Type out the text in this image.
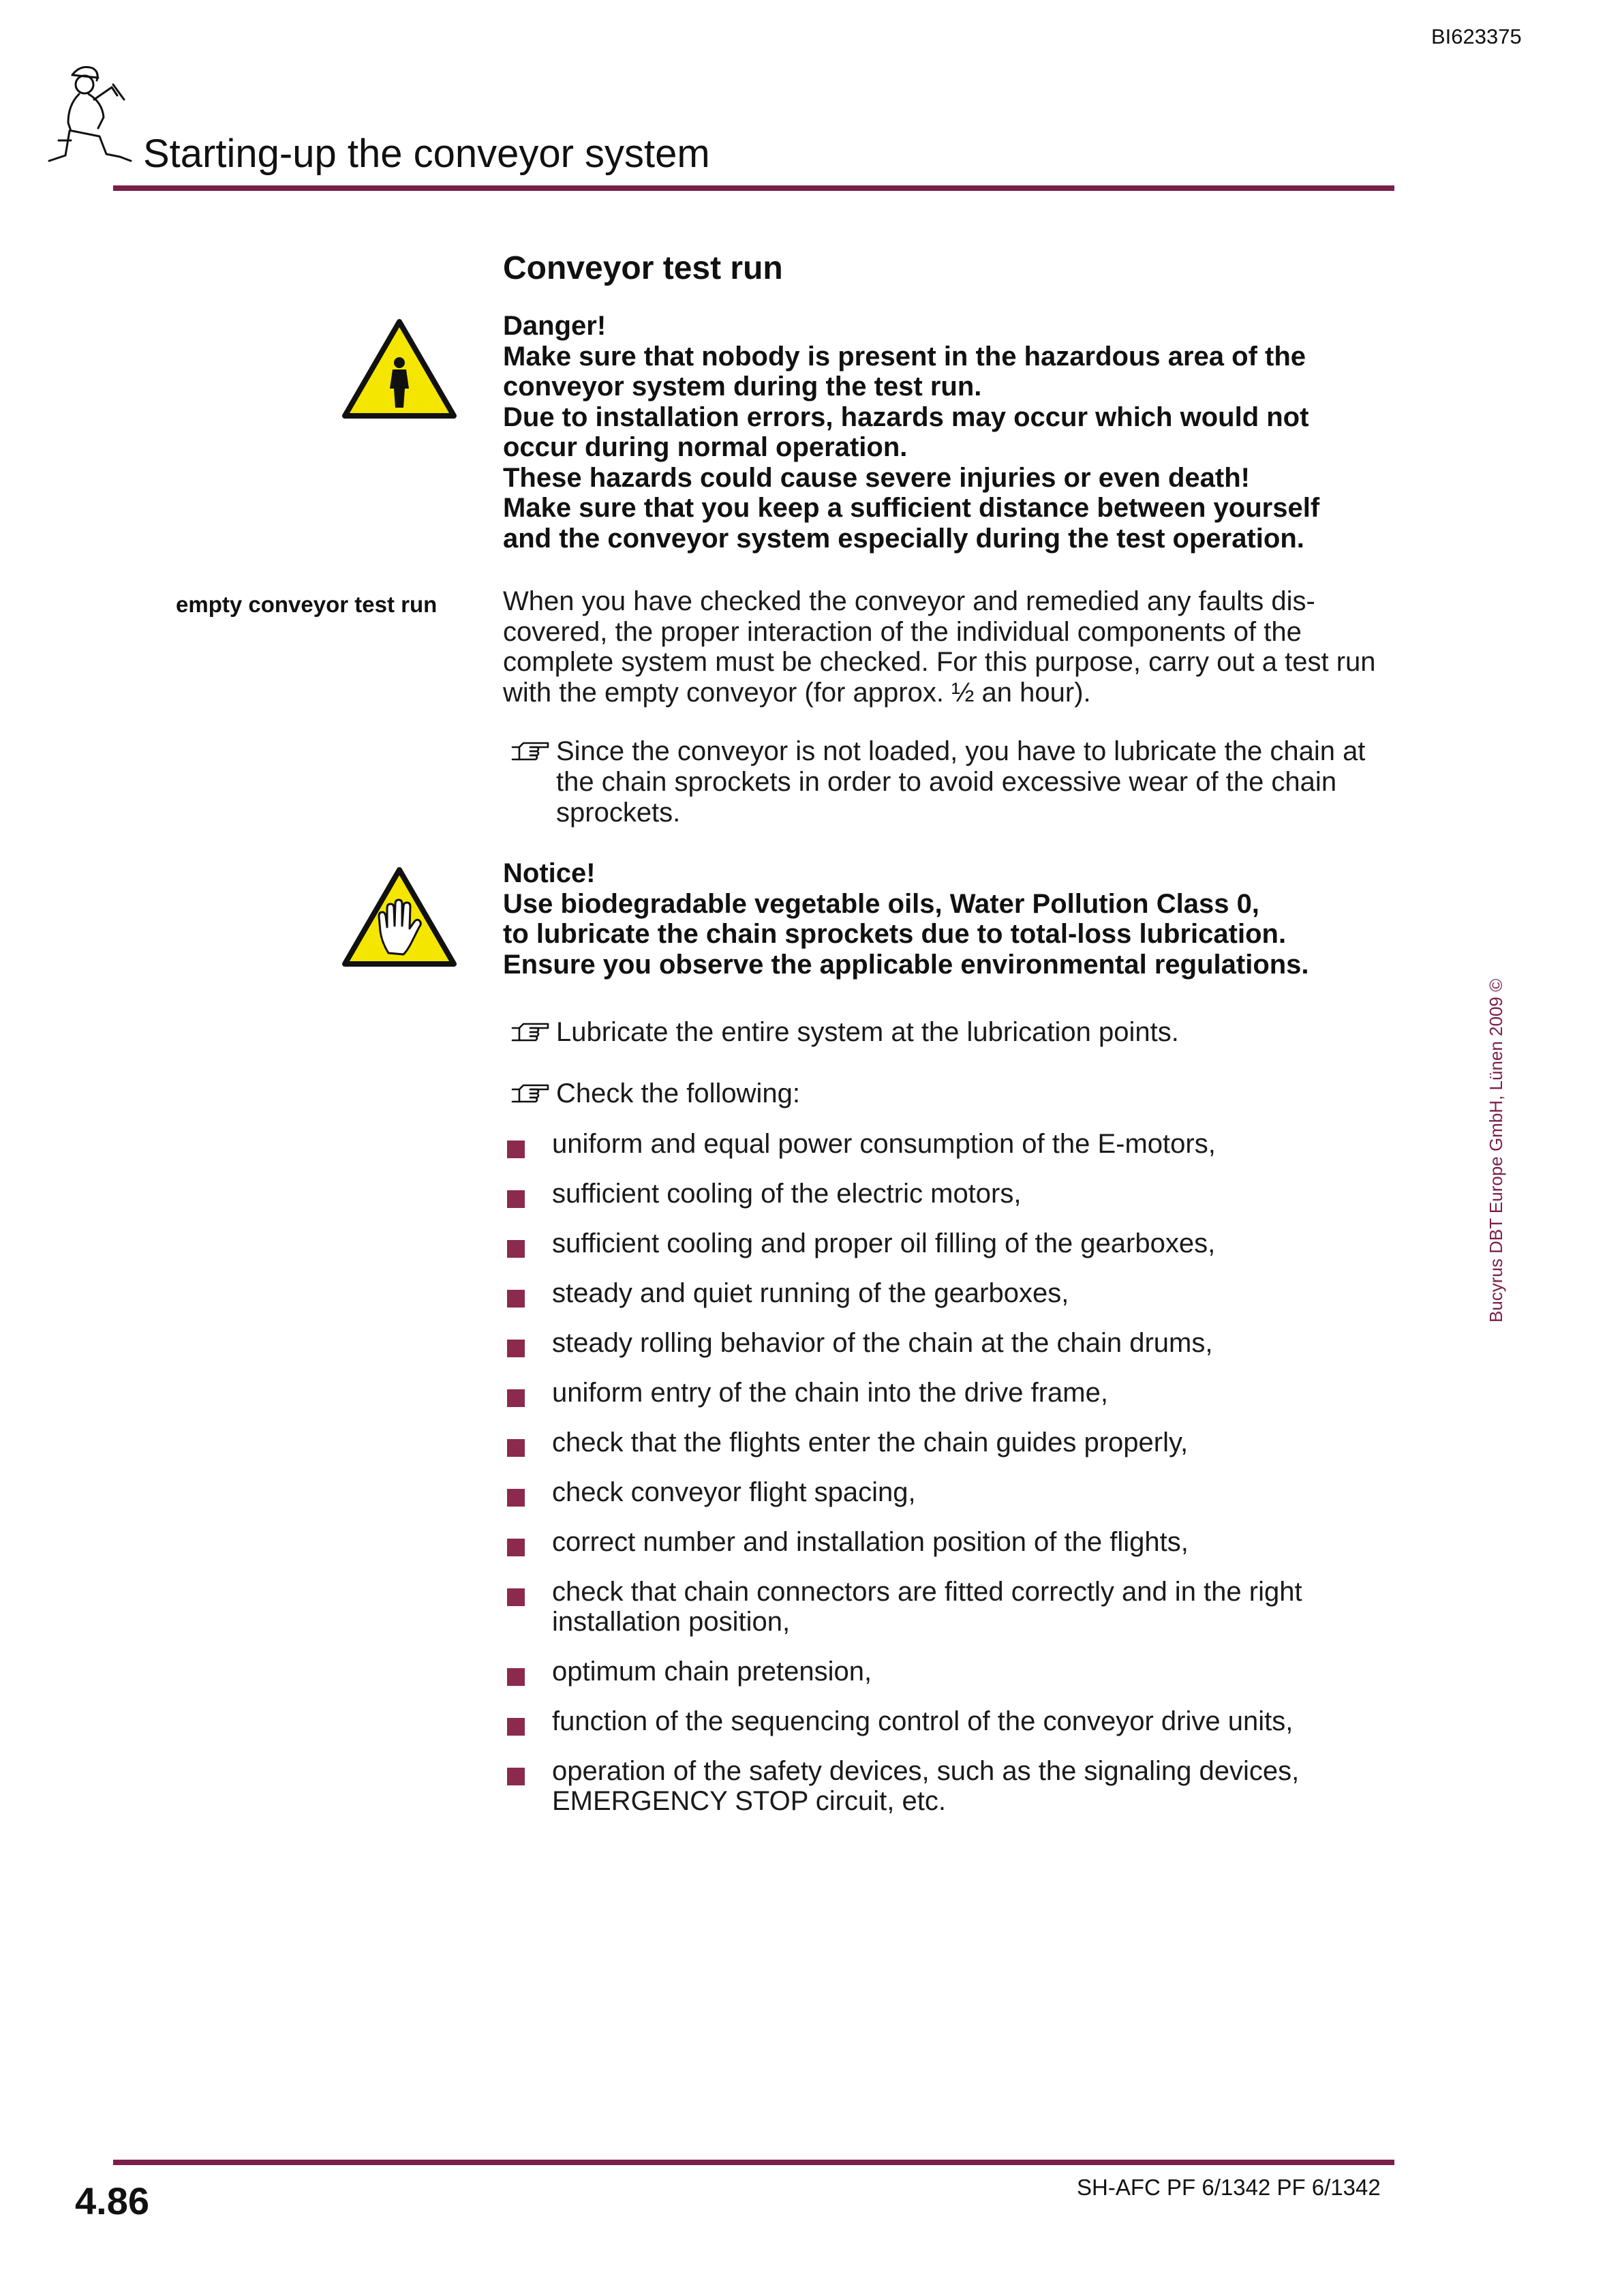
BI623375
Starting-up the conveyor system
Conveyor test run
Danger!
Make sure that nobody is present in the hazardous area of the
conveyor system during the test run.
Due to installation errors, hazards may occur which would not
occur during normal operation.
These hazards could cause severe injuries or even death!
Make sure that you keep a sufficient distance between yourself
and the conveyor system especially during the test operation.
empty conveyor test run When you have checked the conveyor and remedied any faults dis-covered, the proper interaction of the individual components of the complete system must be checked. For this purpose, carry out a test run with the empty conveyor (for approx. ½ an hour).
Since the conveyor is not loaded, you have to lubricate the chain at the chain sprockets in order to avoid excessive wear of the chain sprockets.
Notice!
Use biodegradable vegetable oils, Water Pollution Class 0,
to lubricate the chain sprockets due to total-loss lubrication.
Ensure you observe the applicable environmental regulations.
Lubricate the entire system at the lubrication points.
Check the following:
uniform and equal power consumption of the E-motors,
sufficient cooling of the electric motors,
sufficient cooling and proper oil filling of the gearboxes,
steady and quiet running of the gearboxes,
steady rolling behavior of the chain at the chain drums,
uniform entry of the chain into the drive frame,
check that the flights enter the chain guides properly,
check conveyor flight spacing,
correct number and installation position of the flights,
check that chain connectors are fitted correctly and in the right installation position,
optimum chain pretension,
function of the sequencing control of the conveyor drive units,
operation of the safety devices, such as the signaling devices, EMERGENCY STOP circuit, etc.
Bucyrus DBT Europe GmbH, Lünen 2009 ©
4.86	SH-AFC PF 6/1342 PF 6/1342
